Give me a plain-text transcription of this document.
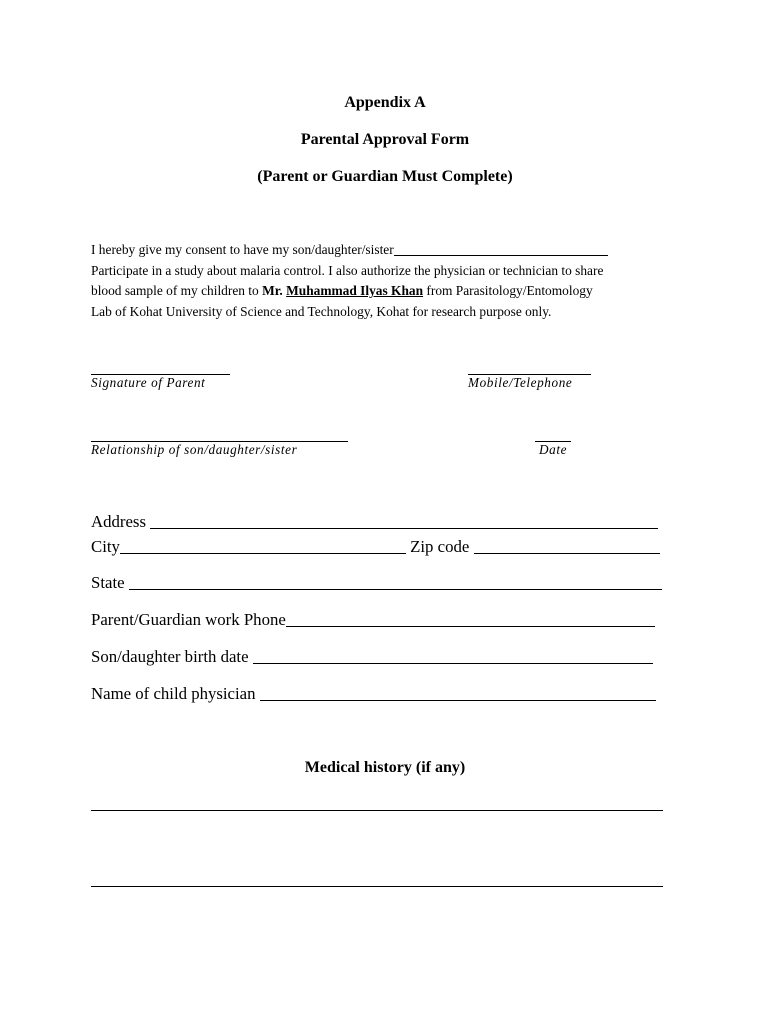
Appendix A
Parental Approval Form
(Parent or Guardian Must Complete)
I hereby give my consent to have my son/daughter/sister
Participate in a study about malaria control. I also authorize the physician or technician to share
blood sample of my children to Mr. Muhammad Ilyas Khan from Parasitology/Entomology
Lab of Kohat University of Science and Technology, Kohat for research purpose only.
Signature of Parent	Mobile/Telephone
Relationship of son/daughter/sister	Date
Address
City	Zip code
State
Parent/Guardian work Phone
Son/daughter birth date
Name of child physician
Medical history (if any)
